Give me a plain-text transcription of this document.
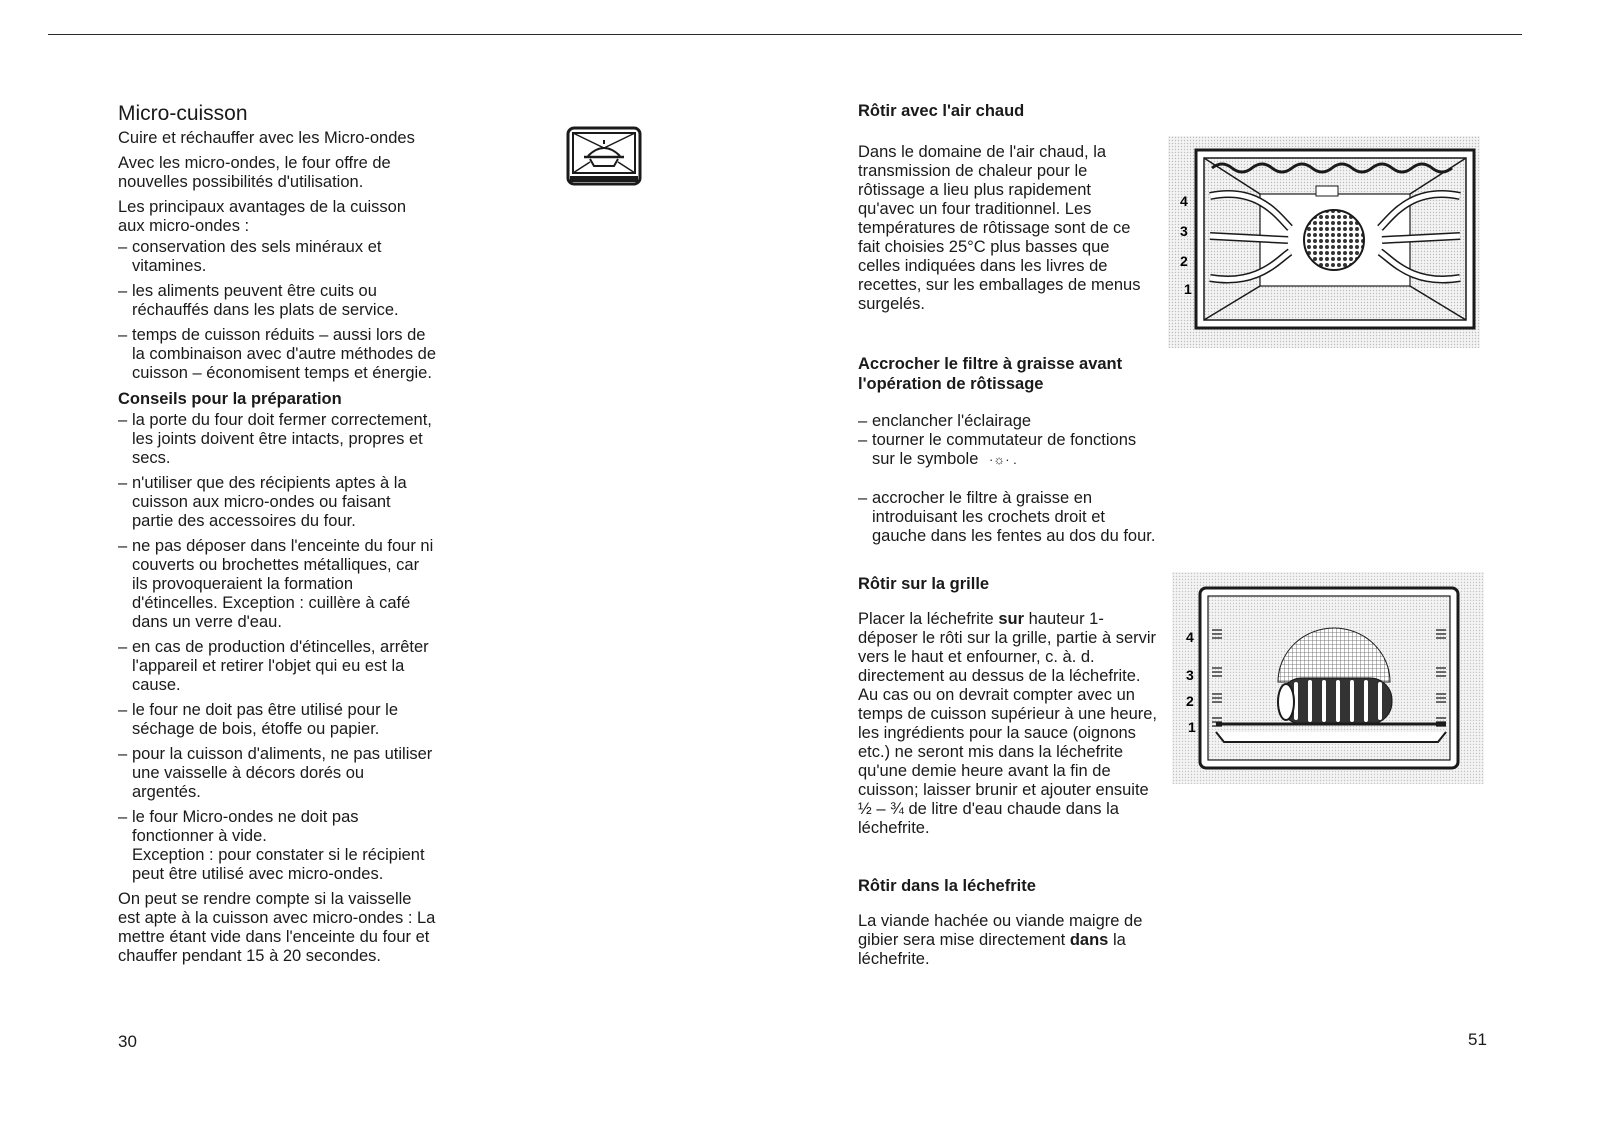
Micro-cuisson

Cuire et réchauffer avec les Micro-ondes

Avec les micro-ondes, le four offre de nouvelles possibilités d'utilisation.

Les principaux avantages de la cuisson aux micro-ondes :

– conservation des sels minéraux et vitamines.
– les aliments peuvent être cuits ou réchauffés dans les plats de service.
– temps de cuisson réduits – aussi lors de la combinaison avec d'autre méthodes de cuisson – économisent temps et énergie.
Conseils pour la préparation
– la porte du four doit fermer correctement, les joints doivent être intacts, propres et secs.
– n'utiliser que des récipients aptes à la cuisson aux micro-ondes ou faisant partie des accessoires du four.
– ne pas déposer dans l'enceinte du four ni couverts ou brochettes métalliques, car ils provoqueraient la formation d'étincelles. Exception : cuillère à café dans un verre d'eau.
– en cas de production d'étincelles, arrêter l'appareil et retirer l'objet qui eu est la cause.
– le four ne doit pas être utilisé pour le séchage de bois, étoffe ou papier.
– pour la cuisson d'aliments, ne pas utiliser une vaisselle à décors dorés ou argentés.
– le four Micro-ondes ne doit pas fonctionner à vide.
Exception : pour constater si le récipient peut être utilisé avec micro-ondes.

On peut se rendre compte si la vaisselle est apte à la cuisson avec micro-ondes : La mettre étant vide dans l'enceinte du four et chauffer pendant 15 à 20 secondes.

30
Rôtir avec l'air chaud

Dans le domaine de l'air chaud, la transmission de chaleur pour le rôtissage a lieu plus rapidement qu'avec un four traditionnel. Les températures de rôtissage sont de ce fait choisies 25°C plus basses que celles indiquées dans les livres de recettes, sur les emballages de menus surgelés.

Accrocher le filtre à graisse avant l'opération de rôtissage
– enclancher l'éclairage
– tourner le commutateur de fonctions sur le symbole ·☼· .
– accrocher le filtre à graisse en introduisant les crochets droit et gauche dans les fentes au dos du four.
Rôtir sur la grille

Placer la léchefrite sur hauteur 1-déposer le rôti sur la grille, partie à servir vers le haut et enfourner, c. à. d. directement au dessus de la léchefrite. Au cas ou on devrait compter avec un temps de cuisson supérieur à une heure, les ingrédients pour la sauce (oignons etc.) ne seront mis dans la léchefrite qu'une demie heure avant la fin de cuisson; laisser brunir et ajouter ensuite ½ – ¾ de litre d'eau chaude dans la léchefrite.

Rôtir dans la léchefrite

La viande hachée ou viande maigre de gibier sera mise directement dans la léchefrite.

51
4
3
2
1
4
3
2
1
